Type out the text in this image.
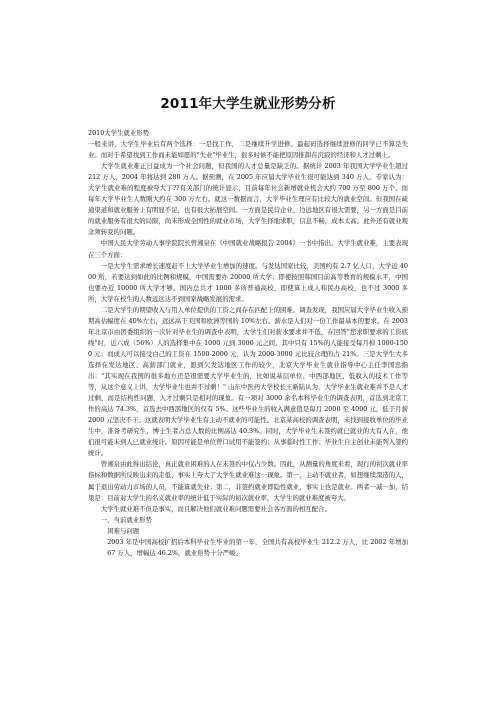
2011年大学生就业形势分析

2010大学生就业形势

一般来讲，大学生毕业后有两个选择：一是找工作，二是继续升学进修。最起码选择继续进修的同学已不算是失业。而对于希望找到工作而未能如愿的"失业"毕业生，很多时候不能把原因推卸在沉寂的经济和人才过剩上。

大学生就业难正日益成为一个社会问题，但我国的人才总量是缺乏的。据统计 2003 年我国大学毕业生超过 212 万人，2004 年将达到 280 万人。据预测，在 2005 年应届大学毕业生很可能达到 340 万人。专家认为：大学生就业难的程度被夸大了??有关部门的统计显示，目前每年社会新增就业机会大约 700 万至 800 万个，而每年大学毕业生人数刚大约在 300 万左右。就这一数据而言，大学毕业生理应有比较大的就业空间。但我国在疏通渠道和就业服务上有明显不足，也有很大拓展空间。一方面是民营企业、边远地区有很大需要，另一方面是目前的就业服务有很大的局限，尚未形成全国性的就业市场，大学生择地求职，信息不畅，成本太高。此外还有就业观念须转变的问题。

中国人民大学劳动人事学院院长曾湘泉在《中国就业战略报告 2004》一书中指出，大学生就业难，主要表现在三个方面：

一是大学生需求增长速度赶不上大学毕业生增加的速度。与发达国家比较，美国约有 2.7 亿人口，大学近 4000 所，若要达到如此的比例和规模，中国需要办 20000 所大学；即使按照韩国目前高等教育的规模水平，中国也要办近 10000 所大学才够。国内总共才 1000 多所普通高校，即使算上成人和民办高校，也不过 3000 多所，大学在校生的人数远远达不到国家战略发展的需求。

二是大学生的期望收入与用人单位提供的工资之间存在匹配上的困难。调查发现，我国应届大学毕业生收入预期高估幅度在 40%左右，远远高于美国和欧洲等国的 10%左右。薪水是人们对一份工作最基本的要求。在 2003 年北京市由团委组织的一次针对毕业生的调查中表明，大学生们对薪水要求并不低，在回答"您求职要求的工资底线"时，近六成（56%）人的选择集中在 1000 元到 3000 元之间，其中只有 15%的人能接受每月掉 1000-1500 元；而成人可以接受白己的工资在 1500-2000 元，认为 2000-3000 元比较合理的占 21%。三是大学生大多选择在发达地区、高薪部门就业，愿到欠发达地区工作的较少，北京大学毕业生就业指导中心主任李国忠指出："其实现在我国的很多地方还是很需要大学毕业生的，比如说基层单位、中西部地区、低收入的技术工作等等，从这个意义上讲，大学毕业生也并不过剩！" 山东中医药大学校长王新陆认为，大学毕业生就业难并不是人才过剩，而是结构性问题，人才过剩只是相对的现象。有一项对 3000 余名本科毕业生的调查表明，首选到北京工作的高达 74.3%，首选去中西部地区的仅有 5%。这些毕业生的收入满意值是每月 2000 至 4000 元，低于月薪 2000 元坚决不干。这就表明大学毕业生有主动不就业的可能性。北京某高校的调查表明，未找到接收单位的毕业生中，准备考研究生，博士生者占总人数的比例高达 40.3%。同时，大学毕业生未签约就已就业的大有人在，他们很可能未到人已就业统计。原因可能是单位曾口试用不能签约；从事临时性工作；毕业生自主创业未能列入签约统计。

曾湘泉由此得出结论，真正就业困难的人在未签约中仅占少数。因此，从测量的角度来看，现行的初次就业率指标和数据所反映出来的走低，事实上夸大了大学生就业难这一现象。第一，主动不就业者，如想继续深造的人，属于退出劳动力市场的人员，不能算就失业；第二，非签约就业即隐性就业，事实上也是就业。两者一减一加，结果是：目前对大学生的名义就业率的统计低于实际的初次就业率，大学生的就业难度被夸大。

大学生就业难不但是事实，而且解决他们就业难问题需要社会各方面的相互配合。

一、当前就业形势

困难与问题

2003 年是中国高校扩招后本科毕业生毕业的第一年，全国共有高校毕业生 212.2 万人，比 2002 年增加 67 万人，增幅达 46.2%，就业形势十分严峻。
